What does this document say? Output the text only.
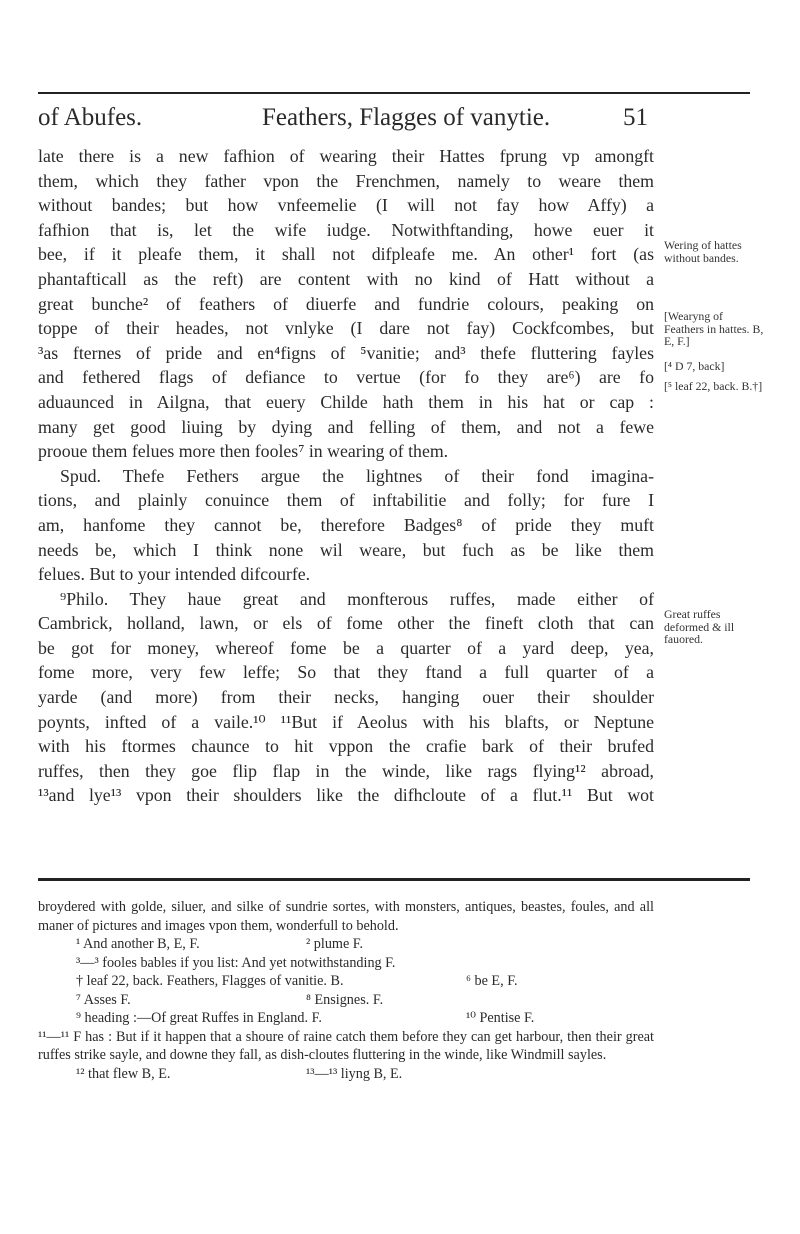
of Abufes.	Feathers, Flagges of vanytie.	51
late there is a new fafhion of wearing their Hattes fprung vp amongft
them, which they father vpon the Frenchmen, namely to weare them
without bandes; but how vnfeemelie (I will not fay how Affy) a
fafhion that is, let the wife iudge. Notwithftanding, howe euer it
bee, if it pleafe them, it shall not difpleafe me. An other¹ fort (as
phantafticall as the reft) are content with no kind of Hatt without a
great bunche² of feathers of diuerfe and fundrie colours, peaking on
toppe of their heades, not vnlyke (I dare not fay) Cockfcombes, but
³as fternes of pride and en⁴figns of ⁵vanitie; and³ thefe fluttering fayles
and fethered flags of defiance to vertue (for fo they are⁶) are fo
aduaunced in Ailgna, that euery Childe hath them in his hat or cap :
many get good liuing by dying and felling of them, and not a fewe
prooue them felues more then fooles⁷ in wearing of them.
Spud. Thefe Fethers argue the lightnes of their fond imagina-
tions, and plainly conuince them of inftabilitie and folly; for fure I
am, hanfome they cannot be, therefore Badges⁸ of pride they muft
needs be, which I think none wil weare, but fuch as be like them
felues. But to your intended difcourfe.
⁹Philo. They haue great and monfterous ruffes, made either of
Cambrick, holland, lawn, or els of fome other the fineft cloth that can
be got for money, whereof fome be a quarter of a yard deep, yea,
fome more, very few leffe; So that they ftand a full quarter of a
yarde (and more) from their necks, hanging ouer their shoulder
poynts, infted of a vaile.¹⁰ ¹¹But if Aeolus with his blafts, or Neptune
with his ftormes chaunce to hit vppon the crafie bark of their brufed
ruffes, then they goe flip flap in the winde, like rags flying¹² abroad,
¹³and lye¹³ vpon their shoulders like the difhcloute of a flut.¹¹ But wot
Wering of hattes without bandes.
[Wearyng of Feathers in hattes. B, E, F.]
[⁴ D 7, back]
[⁵ leaf 22, back. B.†]
Great ruffes deformed & ill fauored.
broydered with golde, siluer, and silke of sundrie sortes, with monsters, antiques, beastes, foules, and all maner of pictures and images vpon them, wonderfull to behold.
¹ And another B, E, F.	² plume F.
³—³ fooles bables if you list: And yet notwithstanding F.
† leaf 22, back. Feathers, Flagges of vanitie. B.	⁶ be E, F.
⁷ Asses F.	⁸ Ensignes. F.
⁹ heading :—Of great Ruffes in England. F.	¹⁰ Pentise F.
¹¹—¹¹ F has : But if it happen that a shoure of raine catch them before they can get harbour, then their great ruffes strike sayle, and downe they fall, as dish-cloutes fluttering in the winde, like Windmill sayles.
¹² that flew B, E.	¹³—¹³ liyng B, E.
